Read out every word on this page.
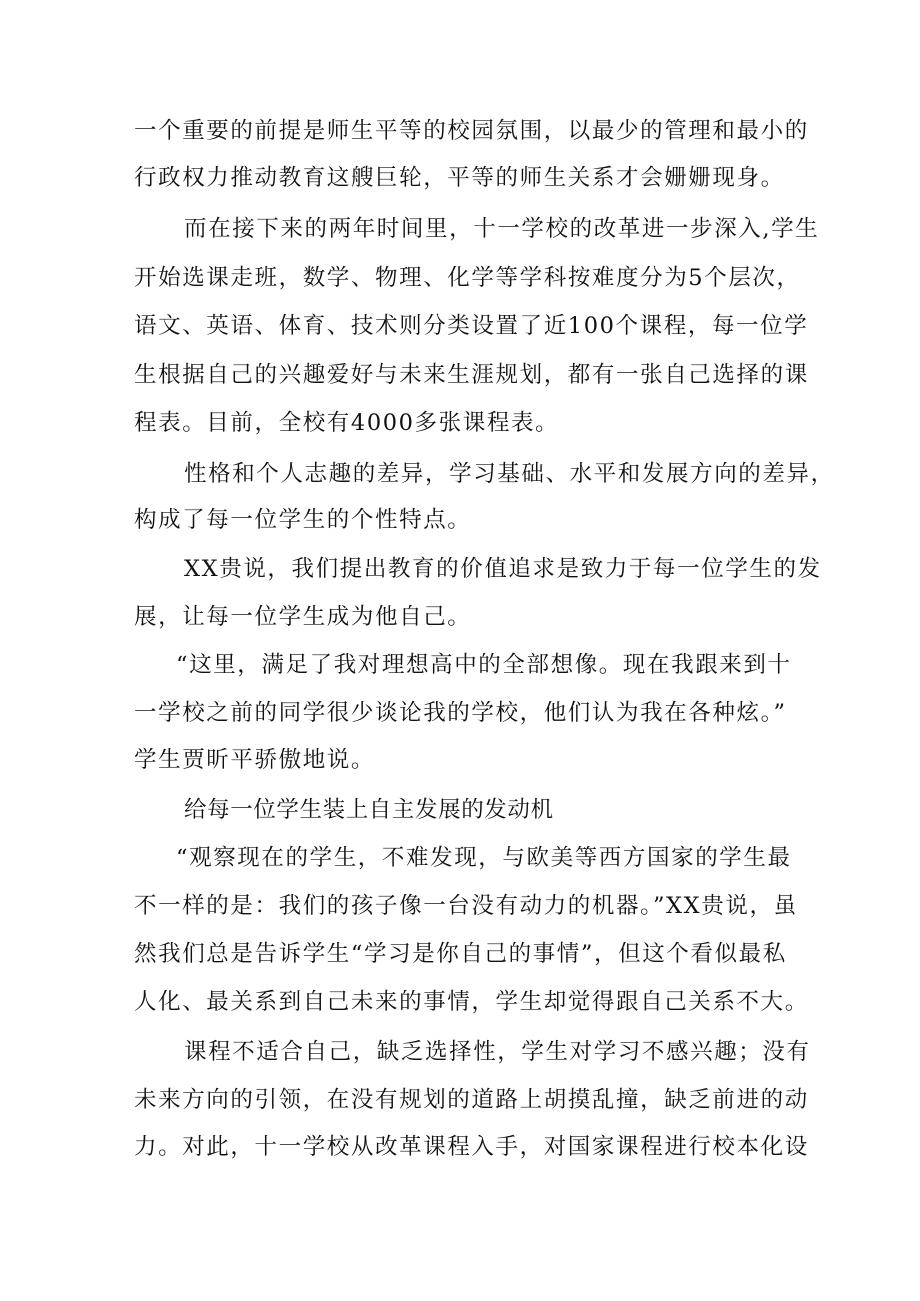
一个重要的前提是师生平等的校园氛围，以最少的管理和最小的
行政权力推动教育这艘巨轮，平等的师生关系才会姗姗现身。
而在接下来的两年时间里，十一学校的改革进一步深入,学生
开始选课走班，数学、物理、化学等学科按难度分为5个层次，
语文、英语、体育、技术则分类设置了近100个课程，每一位学
生根据自己的兴趣爱好与未来生涯规划，都有一张自己选择的课
程表。目前，全校有4000多张课程表。
性格和个人志趣的差异，学习基础、水平和发展方向的差异，
构成了每一位学生的个性特点。
XX贵说，我们提出教育的价值追求是致力于每一位学生的发
展，让每一位学生成为他自己。
“这里，满足了我对理想高中的全部想像。现在我跟来到十
一学校之前的同学很少谈论我的学校，他们认为我在各种炫。”
学生贾昕平骄傲地说。
给每一位学生装上自主发展的发动机
“观察现在的学生，不难发现，与欧美等西方国家的学生最
不一样的是：我们的孩子像一台没有动力的机器。”XX贵说，虽
然我们总是告诉学生“学习是你自己的事情”，但这个看似最私
人化、最关系到自己未来的事情，学生却觉得跟自己关系不大。
课程不适合自己，缺乏选择性，学生对学习不感兴趣；没有
未来方向的引领，在没有规划的道路上胡摸乱撞，缺乏前进的动
力。对此，十一学校从改革课程入手，对国家课程进行校本化设
